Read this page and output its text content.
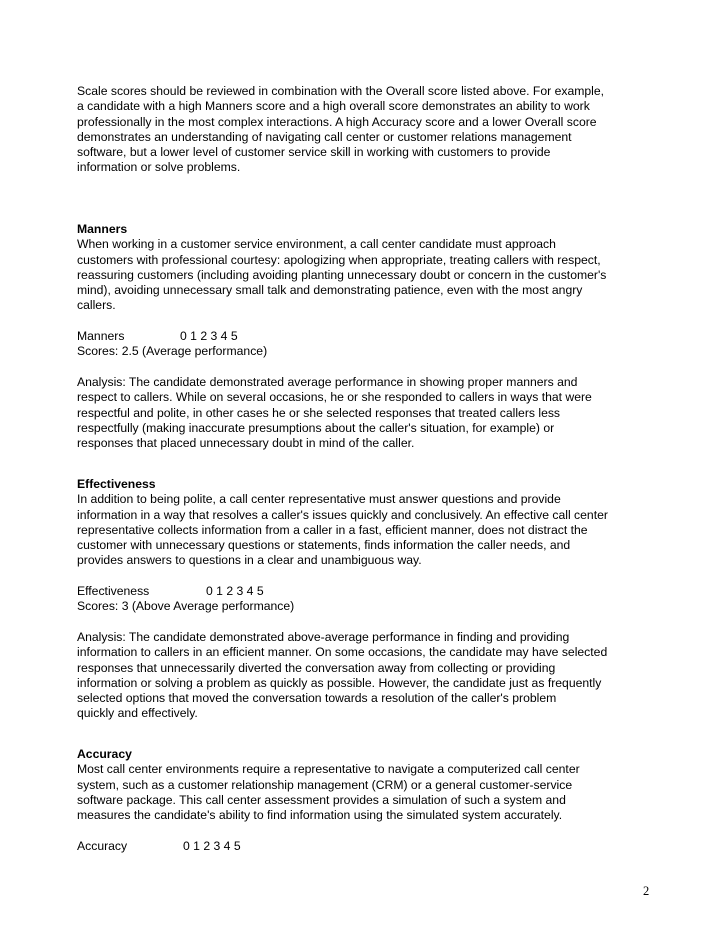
Scale scores should be reviewed in combination with the Overall score listed above. For example,
a candidate with a high Manners score and a high overall score demonstrates an ability to work
professionally in the most complex interactions. A high Accuracy score and a lower Overall score
demonstrates an understanding of navigating call center or customer relations management
software, but a lower level of customer service skill in working with customers to provide
information or solve problems.

Manners

When working in a customer service environment, a call center candidate must approach
customers with professional courtesy: apologizing when appropriate, treating callers with respect,
reassuring customers (including avoiding planting unnecessary doubt or concern in the customer's
mind), avoiding unnecessary small talk and demonstrating patience, even with the most angry
callers.

Manners	0 1 2 3 4 5

Scores: 2.5 (Average performance)

Analysis: The candidate demonstrated average performance in showing proper manners and
respect to callers. While on several occasions, he or she responded to callers in ways that were
respectful and polite, in other cases he or she selected responses that treated callers less
respectfully (making inaccurate presumptions about the caller's situation, for example) or
responses that placed unnecessary doubt in mind of the caller.

Effectiveness

In addition to being polite, a call center representative must answer questions and provide
information in a way that resolves a caller's issues quickly and conclusively. An effective call center
representative collects information from a caller in a fast, efficient manner, does not distract the
customer with unnecessary questions or statements, finds information the caller needs, and
provides answers to questions in a clear and unambiguous way.

Effectiveness	0 1 2 3 4 5

Scores: 3 (Above Average performance)

Analysis: The candidate demonstrated above-average performance in finding and providing
information to callers in an efficient manner. On some occasions, the candidate may have selected
responses that unnecessarily diverted the conversation away from collecting or providing
information or solving a problem as quickly as possible. However, the candidate just as frequently
selected options that moved the conversation towards a resolution of the caller's problem
quickly and effectively.

Accuracy

Most call center environments require a representative to navigate a computerized call center
system, such as a customer relationship management (CRM) or a general customer-service
software package. This call center assessment provides a simulation of such a system and
measures the candidate's ability to find information using the simulated system accurately.

Accuracy	0 1 2 3 4 5

2
